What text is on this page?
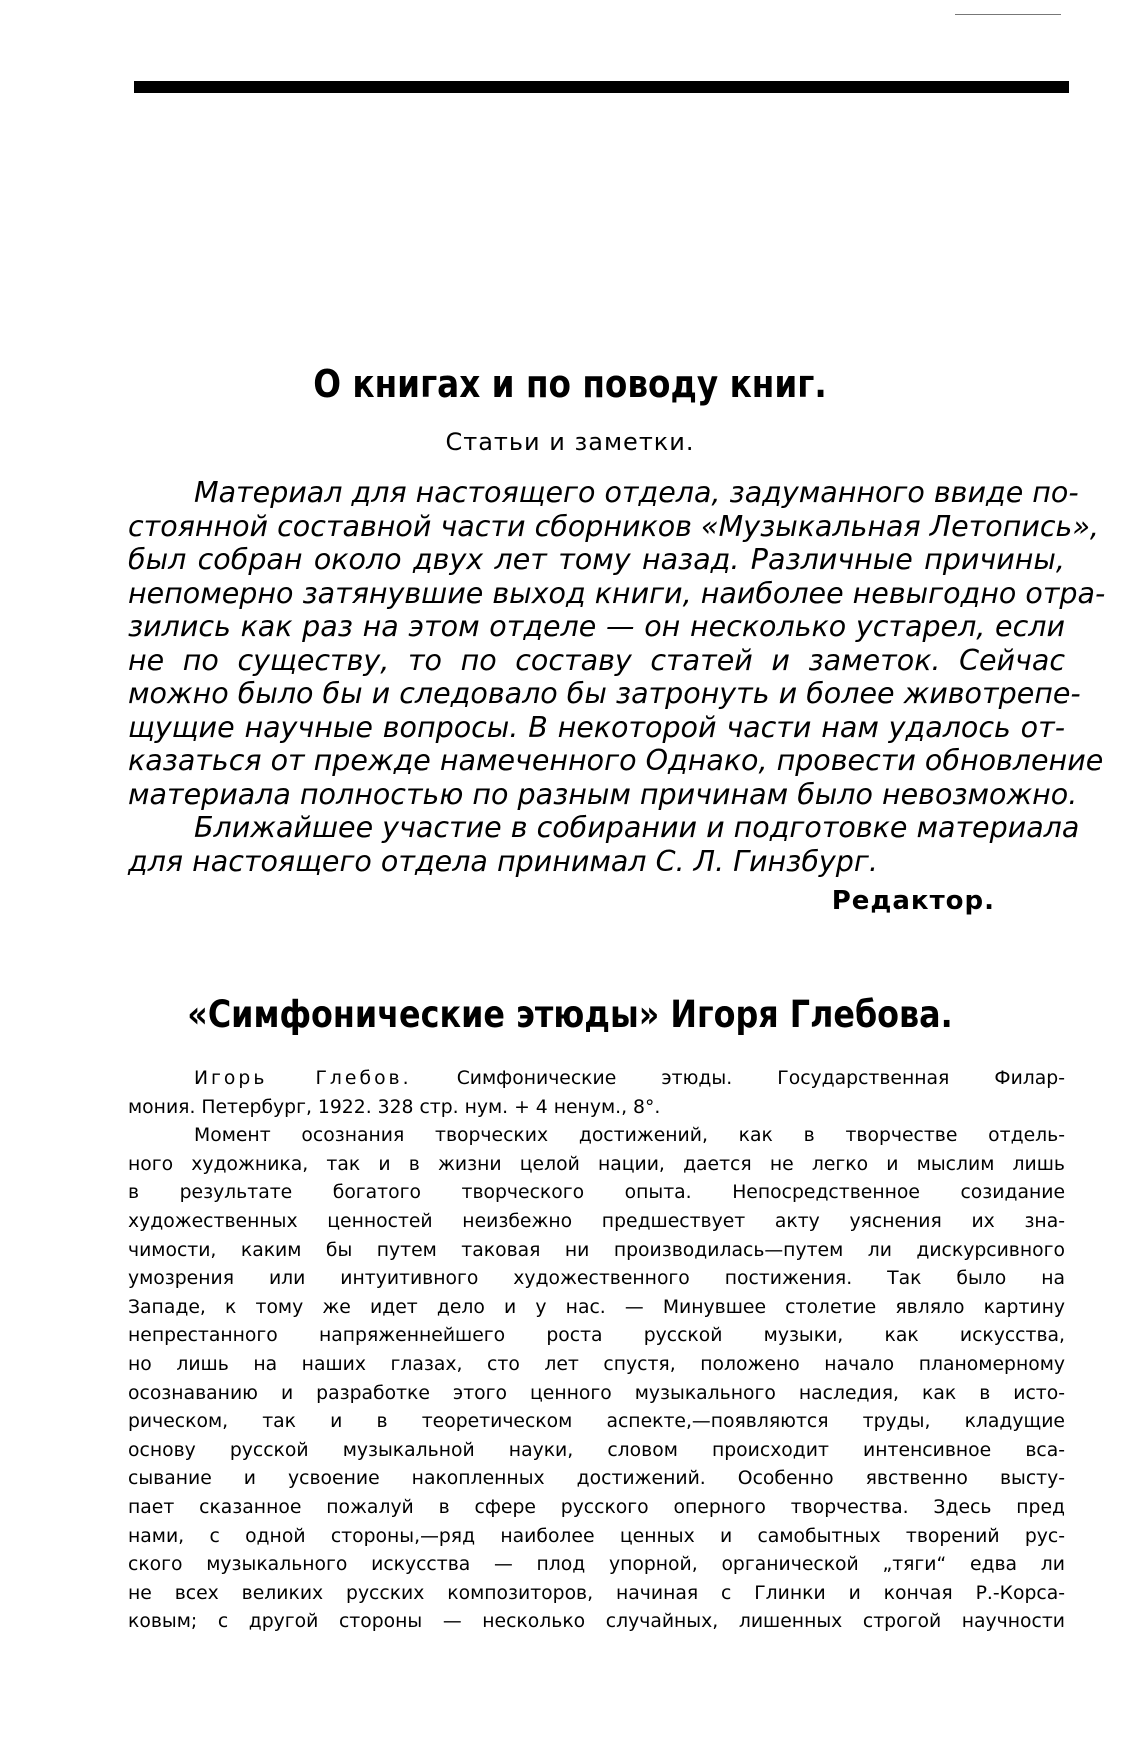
О книгах и по поводу книг.
Статьи и заметки.
Материал для настоящего отдела, задуманного ввиде по-
стоянной составной части сборников «Музыкальная Летопись»,
был собран около двух лет тому назад. Различные причины,
непомерно затянувшие выход книги, наиболее невыгодно отра-
зились как раз на этом отделе — он несколько устарел, если
не по существу, то по составу статей и заметок. Сейчас
можно было бы и следовало бы затронуть и более животрепе-
щущие научные вопросы. В некоторой части нам удалось от-
казаться от прежде намеченного Однако, провести обновление
материала полностью по разным причинам было невозможно.
Ближайшее участие в собирании и подготовке материала
для настоящего отдела принимал С. Л. Гинзбург.
Редактор.
«Симфонические этюды» Игоря Глебова.
Игорь Глебов. Симфонические этюды. Государственная Филар-
мония. Петербург, 1922. 328 стр. нум. + 4 ненум., 8°.
Момент осознания творческих достижений, как в творчестве отдель-
ного художника, так и в жизни целой нации, дается не легко и мыслим лишь
в результате богатого творческого опыта. Непосредственное созидание
художественных ценностей неизбежно предшествует акту уяснения их зна-
чимости, каким бы путем таковая ни производилась—путем ли дискурсивного
умозрения или интуитивного художественного постижения. Так было на
Западе, к тому же идет дело и у нас. — Минувшее столетие являло картину
непрестанного напряженнейшего роста русской музыки, как искусства,
но лишь на наших глазах, сто лет спустя, положено начало планомерному
осознаванию и разработке этого ценного музыкального наследия, как в исто-
рическом, так и в теоретическом аспекте,—появляются труды, кладущие
основу русской музыкальной науки, словом происходит интенсивное вса-
сывание и усвоение накопленных достижений. Особенно явственно высту-
пает сказанное пожалуй в сфере русского оперного творчества. Здесь пред
нами, с одной стороны,—ряд наиболее ценных и самобытных творений рус-
ского музыкального искусства — плод упорной, органической „тяги“ едва ли
не всех великих русских композиторов, начиная с Глинки и кончая Р.-Корса-
ковым; с другой стороны — несколько случайных, лишенных строгой научности
